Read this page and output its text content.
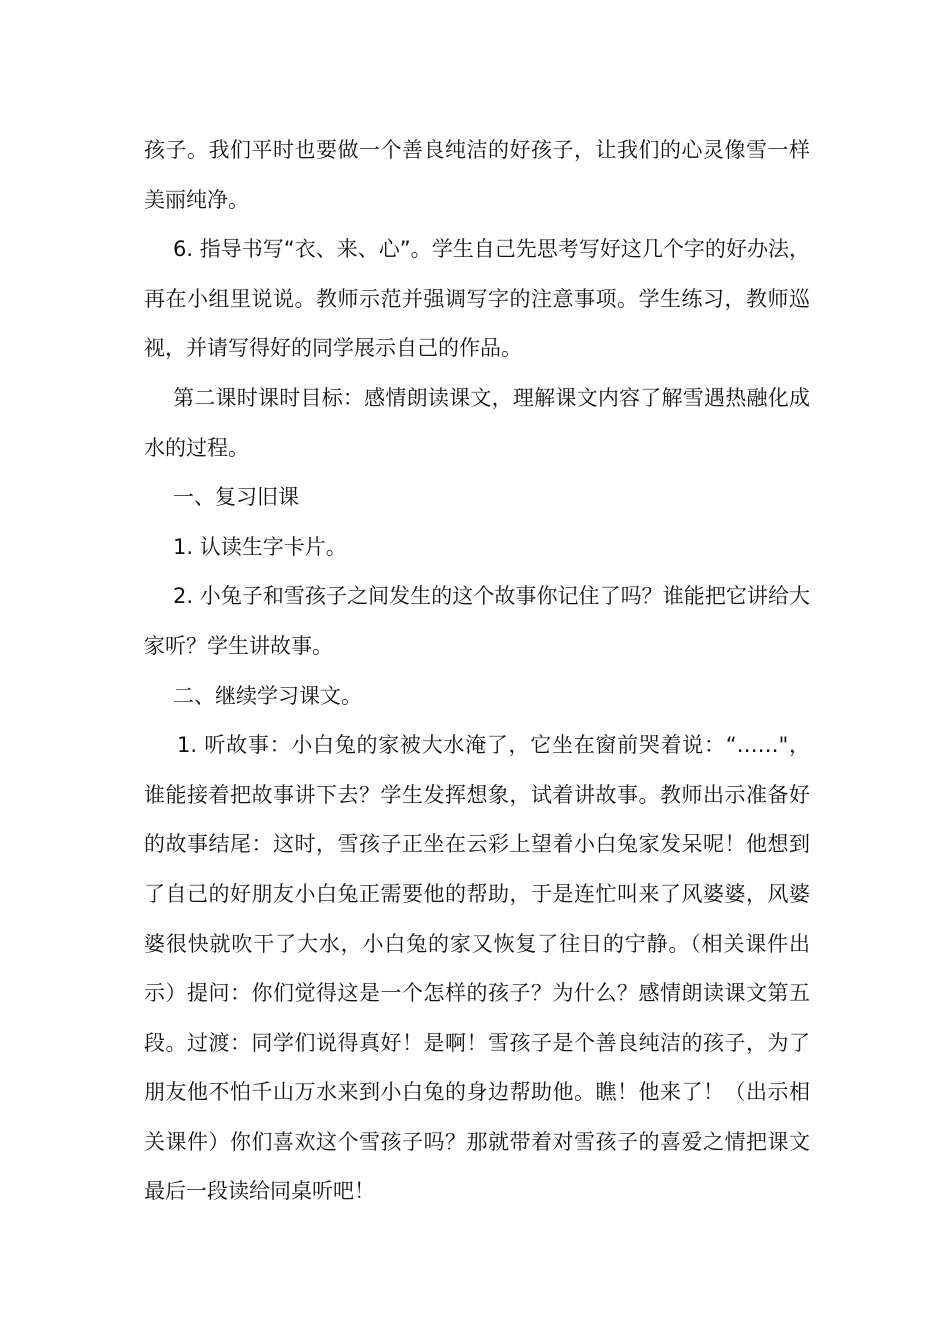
孩子。我们平时也要做一个善良纯洁的好孩子，让我们的心灵像雪一样美丽纯净。

6. 指导书写“衣、来、心”。学生自己先思考写好这几个字的好办法，再在小组里说说。教师示范并强调写字的注意事项。学生练习，教师巡视，并请写得好的同学展示自己的作品。

第二课时课时目标：感情朗读课文，理解课文内容了解雪遇热融化成水的过程。

一、复习旧课

1. 认读生字卡片。

2. 小兔子和雪孩子之间发生的这个故事你记住了吗？谁能把它讲给大家听？学生讲故事。

二、继续学习课文。

1. 听故事：小白兔的家被大水淹了，它坐在窗前哭着说：“……"，谁能接着把故事讲下去？学生发挥想象，试着讲故事。教师出示准备好的故事结尾：这时，雪孩子正坐在云彩上望着小白兔家发呆呢！他想到了自己的好朋友小白兔正需要他的帮助，于是连忙叫来了风婆婆，风婆婆很快就吹干了大水，小白兔的家又恢复了往日的宁静。（相关课件出示）提问：你们觉得这是一个怎样的孩子？为什么？感情朗读课文第五段。过渡：同学们说得真好！是啊！雪孩子是个善良纯洁的孩子，为了朋友他不怕千山万水来到小白兔的身边帮助他。瞧！他来了！（出示相关课件）你们喜欢这个雪孩子吗？那就带着对雪孩子的喜爱之情把课文最后一段读给同桌听吧！
